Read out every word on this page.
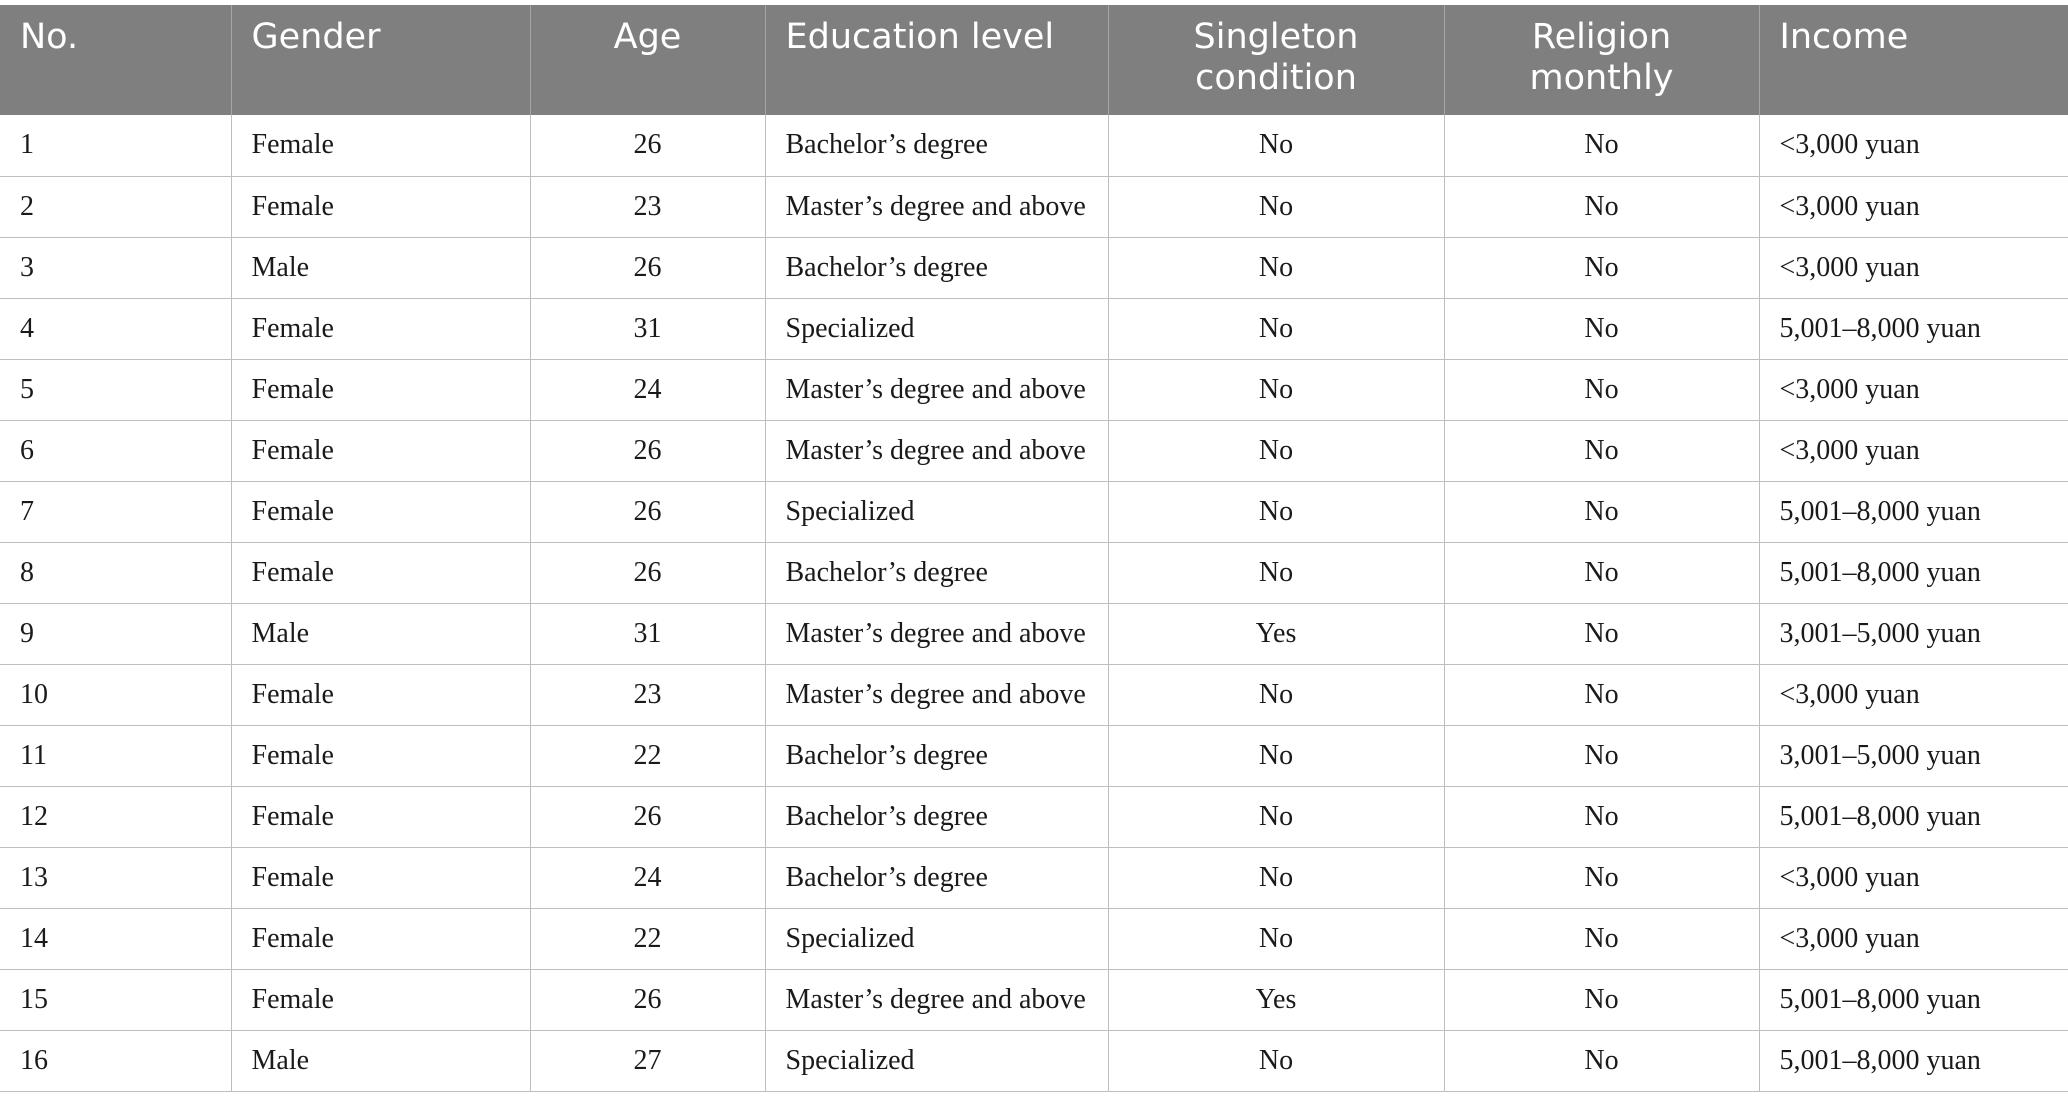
No.	Gender	Age	Education level	Singleton condition	Religion monthly	Income
1	Female	26	Bachelor’s degree	No	No	<3,000 yuan
2	Female	23	Master’s degree and above	No	No	<3,000 yuan
3	Male	26	Bachelor’s degree	No	No	<3,000 yuan
4	Female	31	Specialized	No	No	5,001–8,000 yuan
5	Female	24	Master’s degree and above	No	No	<3,000 yuan
6	Female	26	Master’s degree and above	No	No	<3,000 yuan
7	Female	26	Specialized	No	No	5,001–8,000 yuan
8	Female	26	Bachelor’s degree	No	No	5,001–8,000 yuan
9	Male	31	Master’s degree and above	Yes	No	3,001–5,000 yuan
10	Female	23	Master’s degree and above	No	No	<3,000 yuan
11	Female	22	Bachelor’s degree	No	No	3,001–5,000 yuan
12	Female	26	Bachelor’s degree	No	No	5,001–8,000 yuan
13	Female	24	Bachelor’s degree	No	No	<3,000 yuan
14	Female	22	Specialized	No	No	<3,000 yuan
15	Female	26	Master’s degree and above	Yes	No	5,001–8,000 yuan
16	Male	27	Specialized	No	No	5,001–8,000 yuan
